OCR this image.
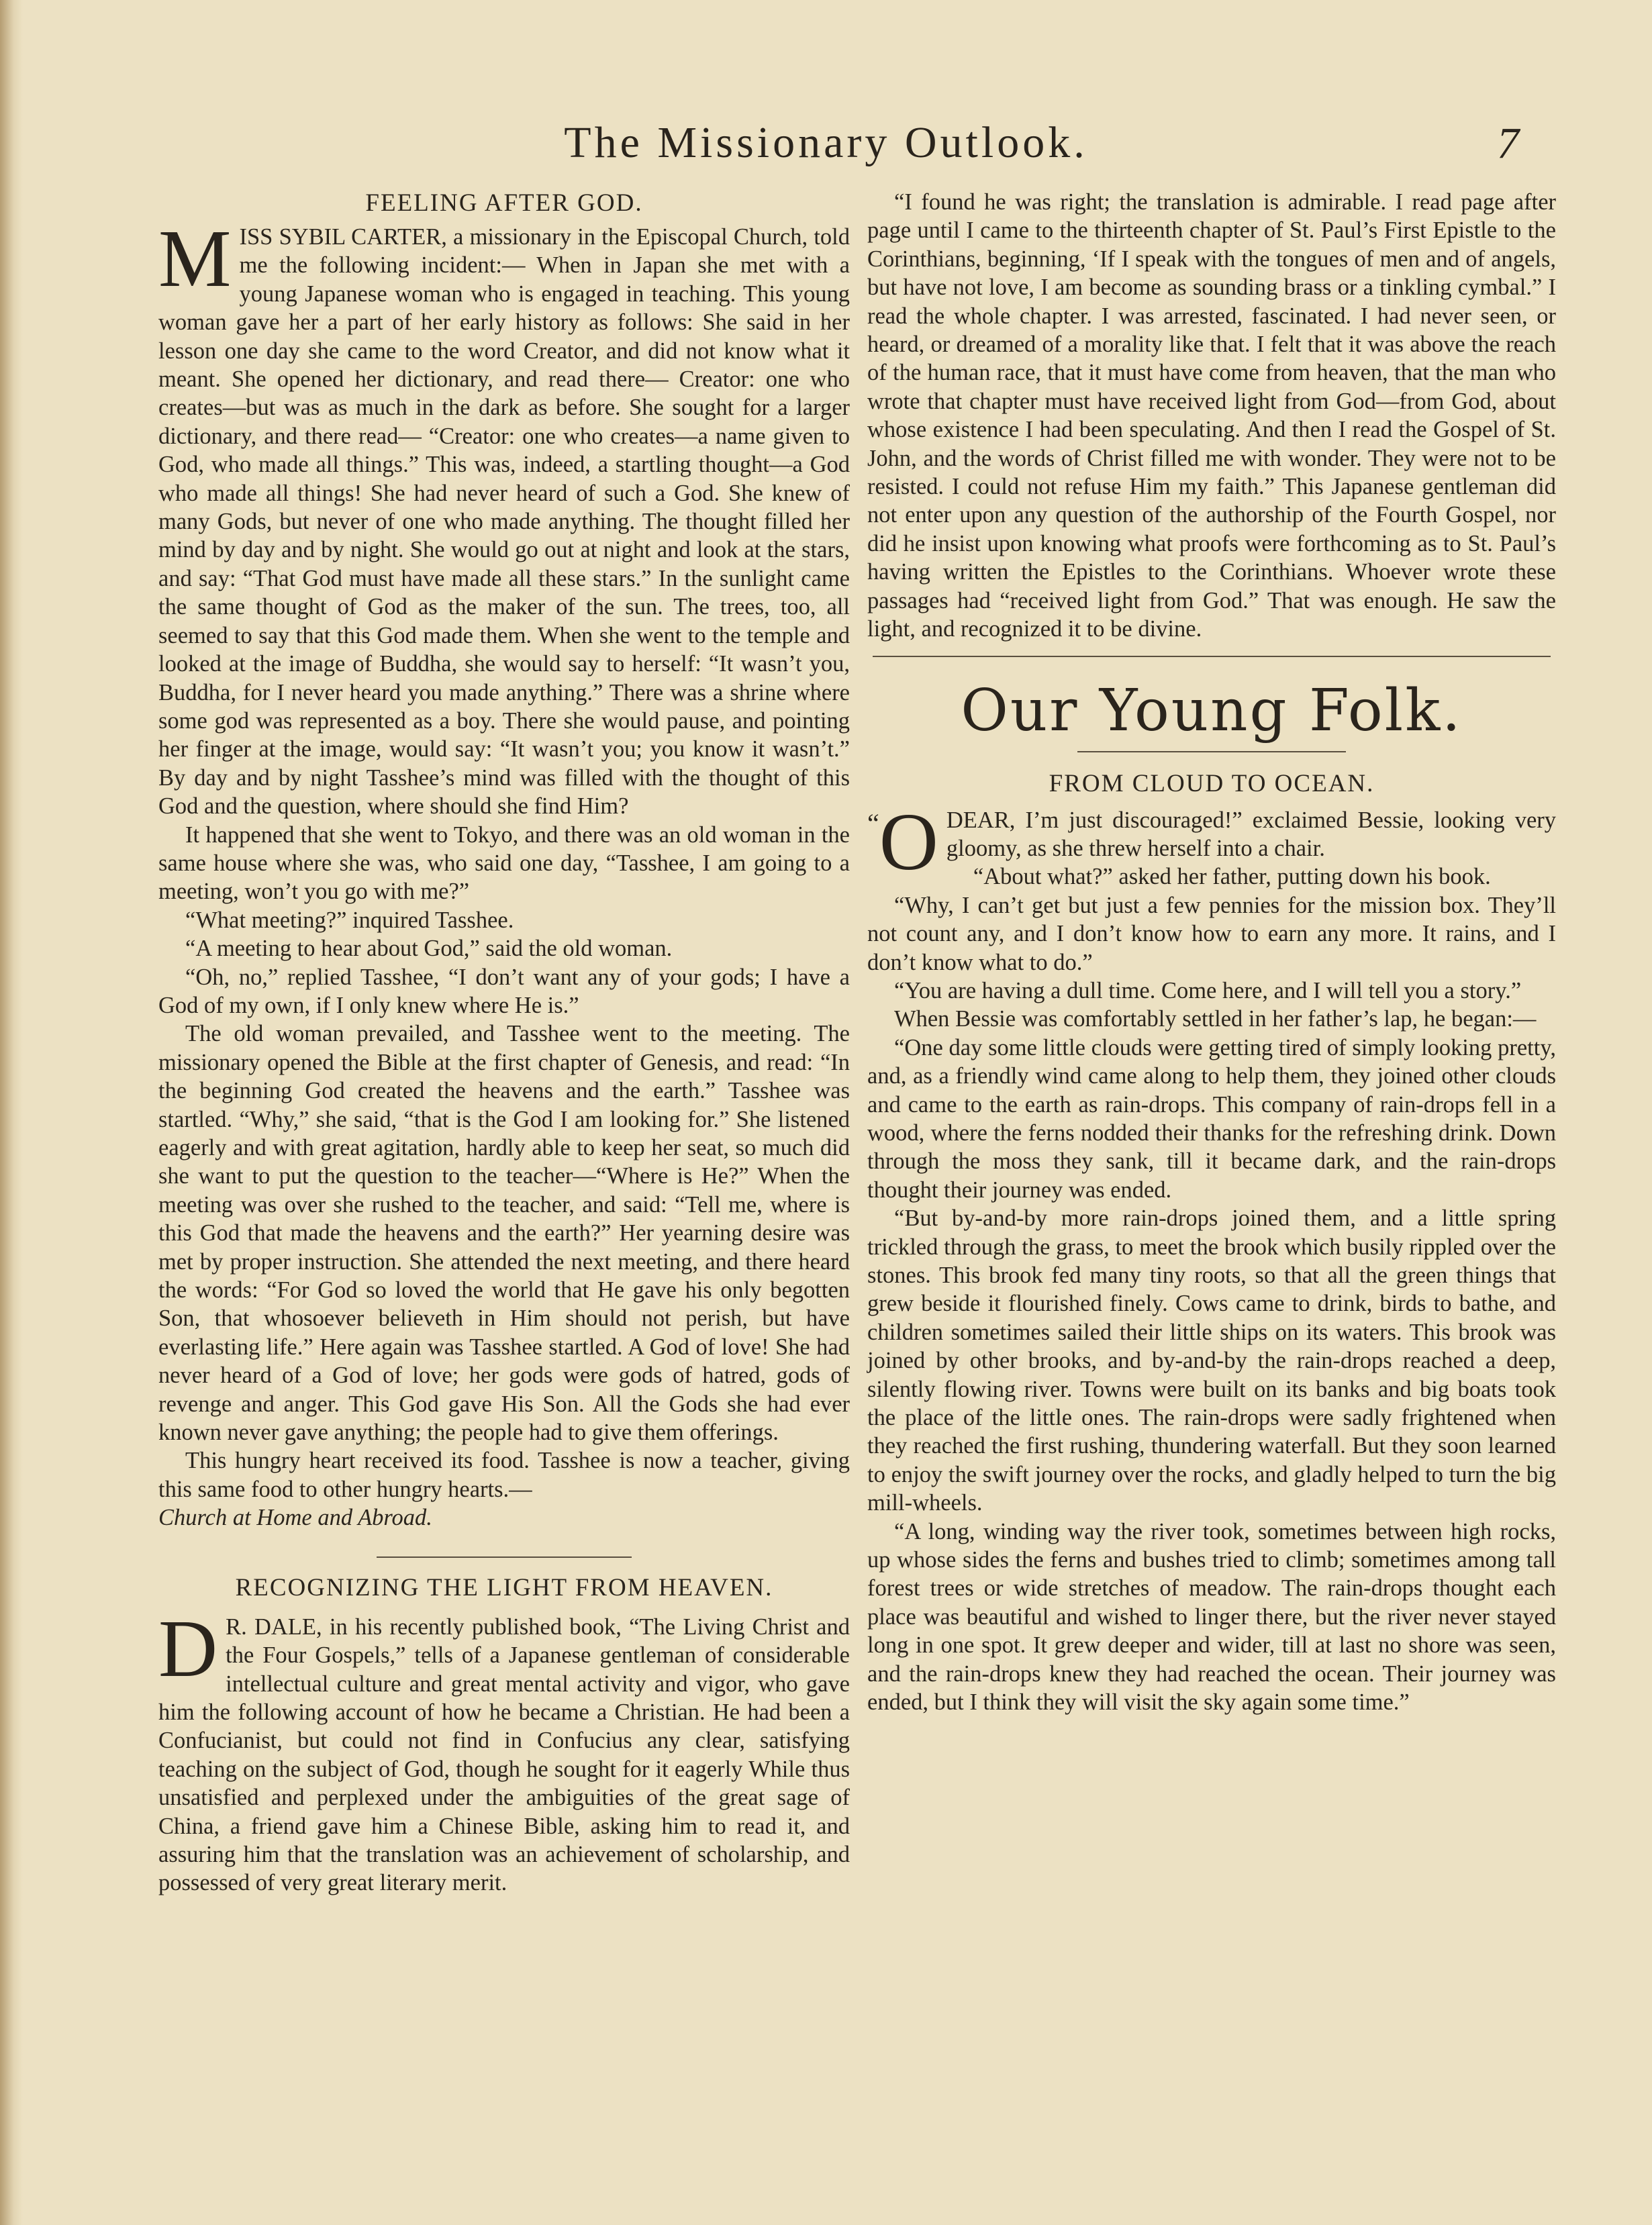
The Missionary Outlook.	7
FEELING AFTER GOD.
M ISS SYBIL CARTER, a missionary in the Episcopal Church, told me the following incident:— When in Japan she met with a young Japanese woman who is engaged in teaching. This young woman gave her a part of her early history as follows: She said in her lesson one day she came to the word Creator, and did not know what it meant. She opened her dictionary, and read there— Creator: one who creates—but was as much in the dark as before. She sought for a larger dictionary, and there read— “Creator: one who creates—a name given to God, who made all things.” This was, indeed, a startling thought—a God who made all things! She had never heard of such a God. She knew of many Gods, but never of one who made anything. The thought filled her mind by day and by night. She would go out at night and look at the stars, and say: “That God must have made all these stars.” In the sunlight came the same thought of God as the maker of the sun. The trees, too, all seemed to say that this God made them. When she went to the temple and looked at the image of Buddha, she would say to herself: “It wasn’t you, Buddha, for I never heard you made anything.” There was a shrine where some god was represented as a boy. There she would pause, and pointing her finger at the image, would say: “It wasn’t you; you know it wasn’t.” By day and by night Tasshee’s mind was filled with the thought of this God and the question, where should she find Him?

It happened that she went to Tokyo, and there was an old woman in the same house where she was, who said one day, “Tasshee, I am going to a meeting, won’t you go with me?”

“What meeting?” inquired Tasshee.

“A meeting to hear about God,” said the old woman.

“Oh, no,” replied Tasshee, “I don’t want any of your gods; I have a God of my own, if I only knew where He is.”

The old woman prevailed, and Tasshee went to the meeting. The missionary opened the Bible at the first chapter of Genesis, and read: “In the beginning God created the heavens and the earth.” Tasshee was startled. “Why,” she said, “that is the God I am looking for.” She listened eagerly and with great agitation, hardly able to keep her seat, so much did she want to put the question to the teacher—“Where is He?” When the meeting was over she rushed to the teacher, and said: “Tell me, where is this God that made the heavens and the earth?” Her yearning desire was met by proper instruction. She attended the next meeting, and there heard the words: “For God so loved the world that He gave his only begotten Son, that whosoever believeth in Him should not perish, but have everlasting life.” Here again was Tasshee startled. A God of love! She had never heard of a God of love; her gods were gods of hatred, gods of revenge and anger. This God gave His Son. All the Gods she had ever known never gave anything; the people had to give them offerings.

This hungry heart received its food. Tasshee is now a teacher, giving this same food to other hungry hearts.—

Church at Home and Abroad.

RECOGNIZING THE LIGHT FROM HEAVEN.
D R. DALE, in his recently published book, “The Living Christ and the Four Gospels,” tells of a Japanese gentleman of considerable intellectual culture and great mental activity and vigor, who gave him the following account of how he became a Christian. He had been a Confucianist, but could not find in Confucius any clear, satisfying teaching on the subject of God, though he sought for it eagerly While thus unsatisfied and perplexed under the ambiguities of the great sage of China, a friend gave him a Chinese Bible, asking him to read it, and assuring him that the translation was an achievement of scholarship, and possessed of very great literary merit.

“I found he was right; the translation is admirable. I read page after page until I came to the thirteenth chapter of St. Paul’s First Epistle to the Corinthians, beginning, ‘If I speak with the tongues of men and of angels, but have not love, I am become as sounding brass or a tinkling cymbal.” I read the whole chapter. I was arrested, fascinated. I had never seen, or heard, or dreamed of a morality like that. I felt that it was above the reach of the human race, that it must have come from heaven, that the man who wrote that chapter must have received light from God—from God, about whose existence I had been speculating. And then I read the Gospel of St. John, and the words of Christ filled me with wonder. They were not to be resisted. I could not refuse Him my faith.” This Japanese gentleman did not enter upon any question of the authorship of the Fourth Gospel, nor did he insist upon knowing what proofs were forthcoming as to St. Paul’s having written the Epistles to the Corinthians. Whoever wrote these passages had “received light from God.” That was enough. He saw the light, and recognized it to be divine.

Our Young Folk.
FROM CLOUD TO OCEAN.
“O DEAR, I’m just discouraged!” exclaimed Bessie, looking very gloomy, as she threw herself into a chair.

“About what?” asked her father, putting down his book.

“Why, I can’t get but just a few pennies for the mission box. They’ll not count any, and I don’t know how to earn any more. It rains, and I don’t know what to do.”

“You are having a dull time. Come here, and I will tell you a story.”

When Bessie was comfortably settled in her father’s lap, he began:—

“One day some little clouds were getting tired of simply looking pretty, and, as a friendly wind came along to help them, they joined other clouds and came to the earth as rain-drops. This company of rain-drops fell in a wood, where the ferns nodded their thanks for the refreshing drink. Down through the moss they sank, till it became dark, and the rain-drops thought their journey was ended.

“But by-and-by more rain-drops joined them, and a little spring trickled through the grass, to meet the brook which busily rippled over the stones. This brook fed many tiny roots, so that all the green things that grew beside it flourished finely. Cows came to drink, birds to bathe, and children sometimes sailed their little ships on its waters. This brook was joined by other brooks, and by-and-by the rain-drops reached a deep, silently flowing river. Towns were built on its banks and big boats took the place of the little ones. The rain-drops were sadly frightened when they reached the first rushing, thundering waterfall. But they soon learned to enjoy the swift journey over the rocks, and gladly helped to turn the big mill-wheels.

“A long, winding way the river took, sometimes between high rocks, up whose sides the ferns and bushes tried to climb; sometimes among tall forest trees or wide stretches of meadow. The rain-drops thought each place was beautiful and wished to linger there, but the river never stayed long in one spot. It grew deeper and wider, till at last no shore was seen, and the rain-drops knew they had reached the ocean. Their journey was ended, but I think they will visit the sky again some time.”
